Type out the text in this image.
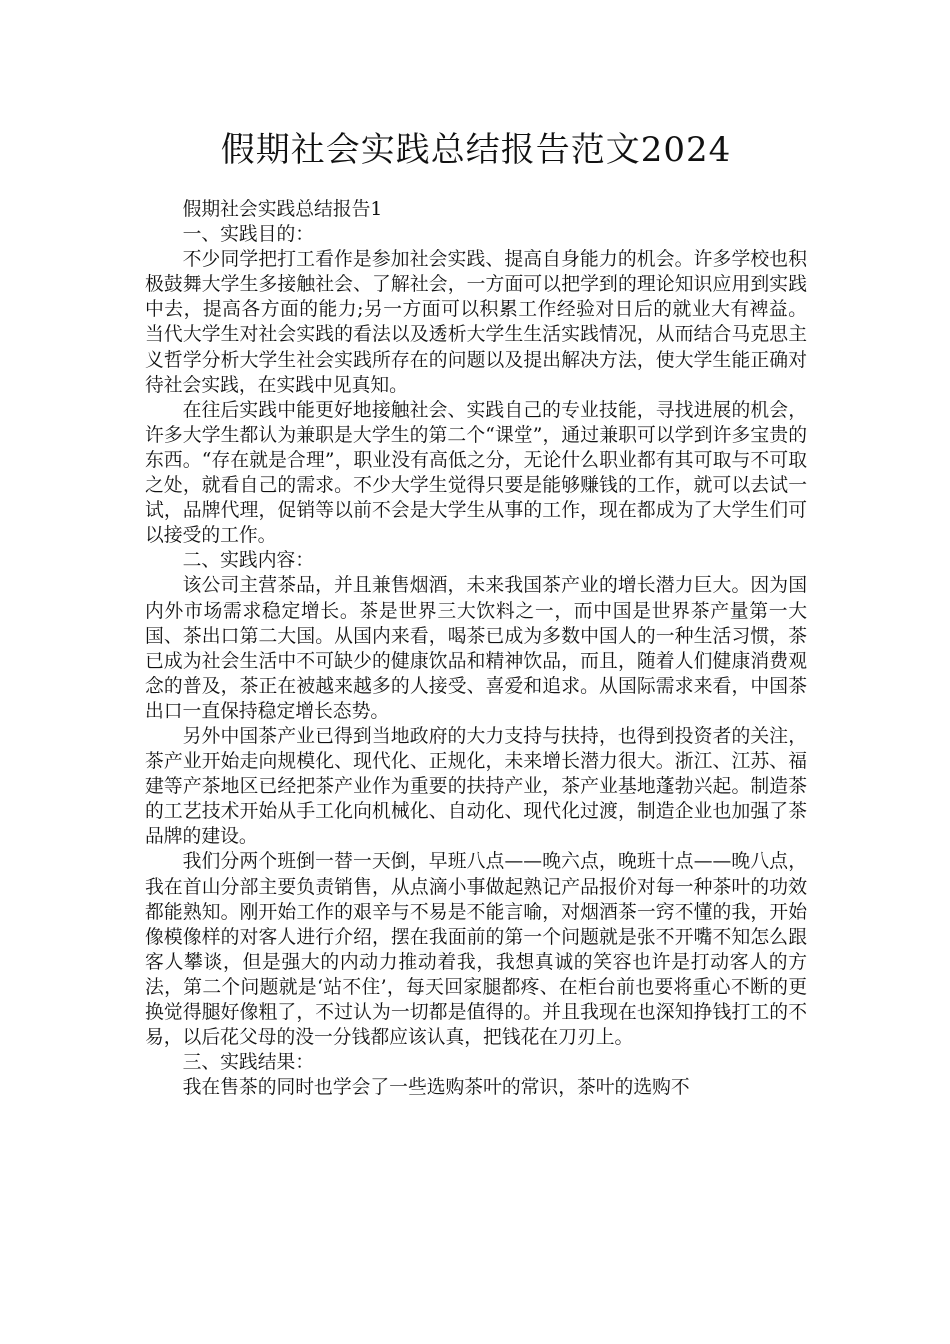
假期社会实践总结报告范文2024

假期社会实践总结报告1

一、实践目的：

不少同学把打工看作是参加社会实践、提高自身能力的机会。许多学校也积极鼓舞大学生多接触社会、了解社会，一方面可以把学到的理论知识应用到实践中去，提高各方面的能力;另一方面可以积累工作经验对日后的就业大有裨益。当代大学生对社会实践的看法以及透析大学生生活实践情况，从而结合马克思主义哲学分析大学生社会实践所存在的问题以及提出解决方法，使大学生能正确对待社会实践，在实践中见真知。

在往后实践中能更好地接触社会、实践自己的专业技能，寻找进展的机会，许多大学生都认为兼职是大学生的第二个“课堂”，通过兼职可以学到许多宝贵的东西。“存在就是合理”，职业没有高低之分，无论什么职业都有其可取与不可取之处，就看自己的需求。不少大学生觉得只要是能够赚钱的工作，就可以去试一试，品牌代理，促销等以前不会是大学生从事的工作，现在都成为了大学生们可以接受的工作。

二、实践内容：

该公司主营茶品，并且兼售烟酒，未来我国茶产业的增长潜力巨大。因为国内外市场需求稳定增长。茶是世界三大饮料之一，而中国是世界茶产量第一大国、茶出口第二大国。从国内来看，喝茶已成为多数中国人的一种生活习惯，茶已成为社会生活中不可缺少的健康饮品和精神饮品，而且，随着人们健康消费观念的普及，茶正在被越来越多的人接受、喜爱和追求。从国际需求来看，中国茶出口一直保持稳定增长态势。

另外中国茶产业已得到当地政府的大力支持与扶持，也得到投资者的关注，茶产业开始走向规模化、现代化、正规化，未来增长潜力很大。浙江、江苏、福建等产茶地区已经把茶产业作为重要的扶持产业，茶产业基地蓬勃兴起。制造茶的工艺技术开始从手工化向机械化、自动化、现代化过渡，制造企业也加强了茶品牌的建设。

我们分两个班倒一替一天倒，早班八点——晚六点，晚班十点——晚八点，我在首山分部主要负责销售，从点滴小事做起熟记产品报价对每一种茶叶的功效都能熟知。刚开始工作的艰辛与不易是不能言喻，对烟酒茶一窍不懂的我，开始像模像样的对客人进行介绍，摆在我面前的第一个问题就是张不开嘴不知怎么跟客人攀谈，但是强大的内动力推动着我，我想真诚的笑容也许是打动客人的方法，第二个问题就是‘站不住’，每天回家腿都疼、在柜台前也要将重心不断的更换觉得腿好像粗了，不过认为一切都是值得的。并且我现在也深知挣钱打工的不易，以后花父母的没一分钱都应该认真，把钱花在刀刃上。

三、实践结果：

我在售茶的同时也学会了一些选购茶叶的常识，茶叶的选购不
